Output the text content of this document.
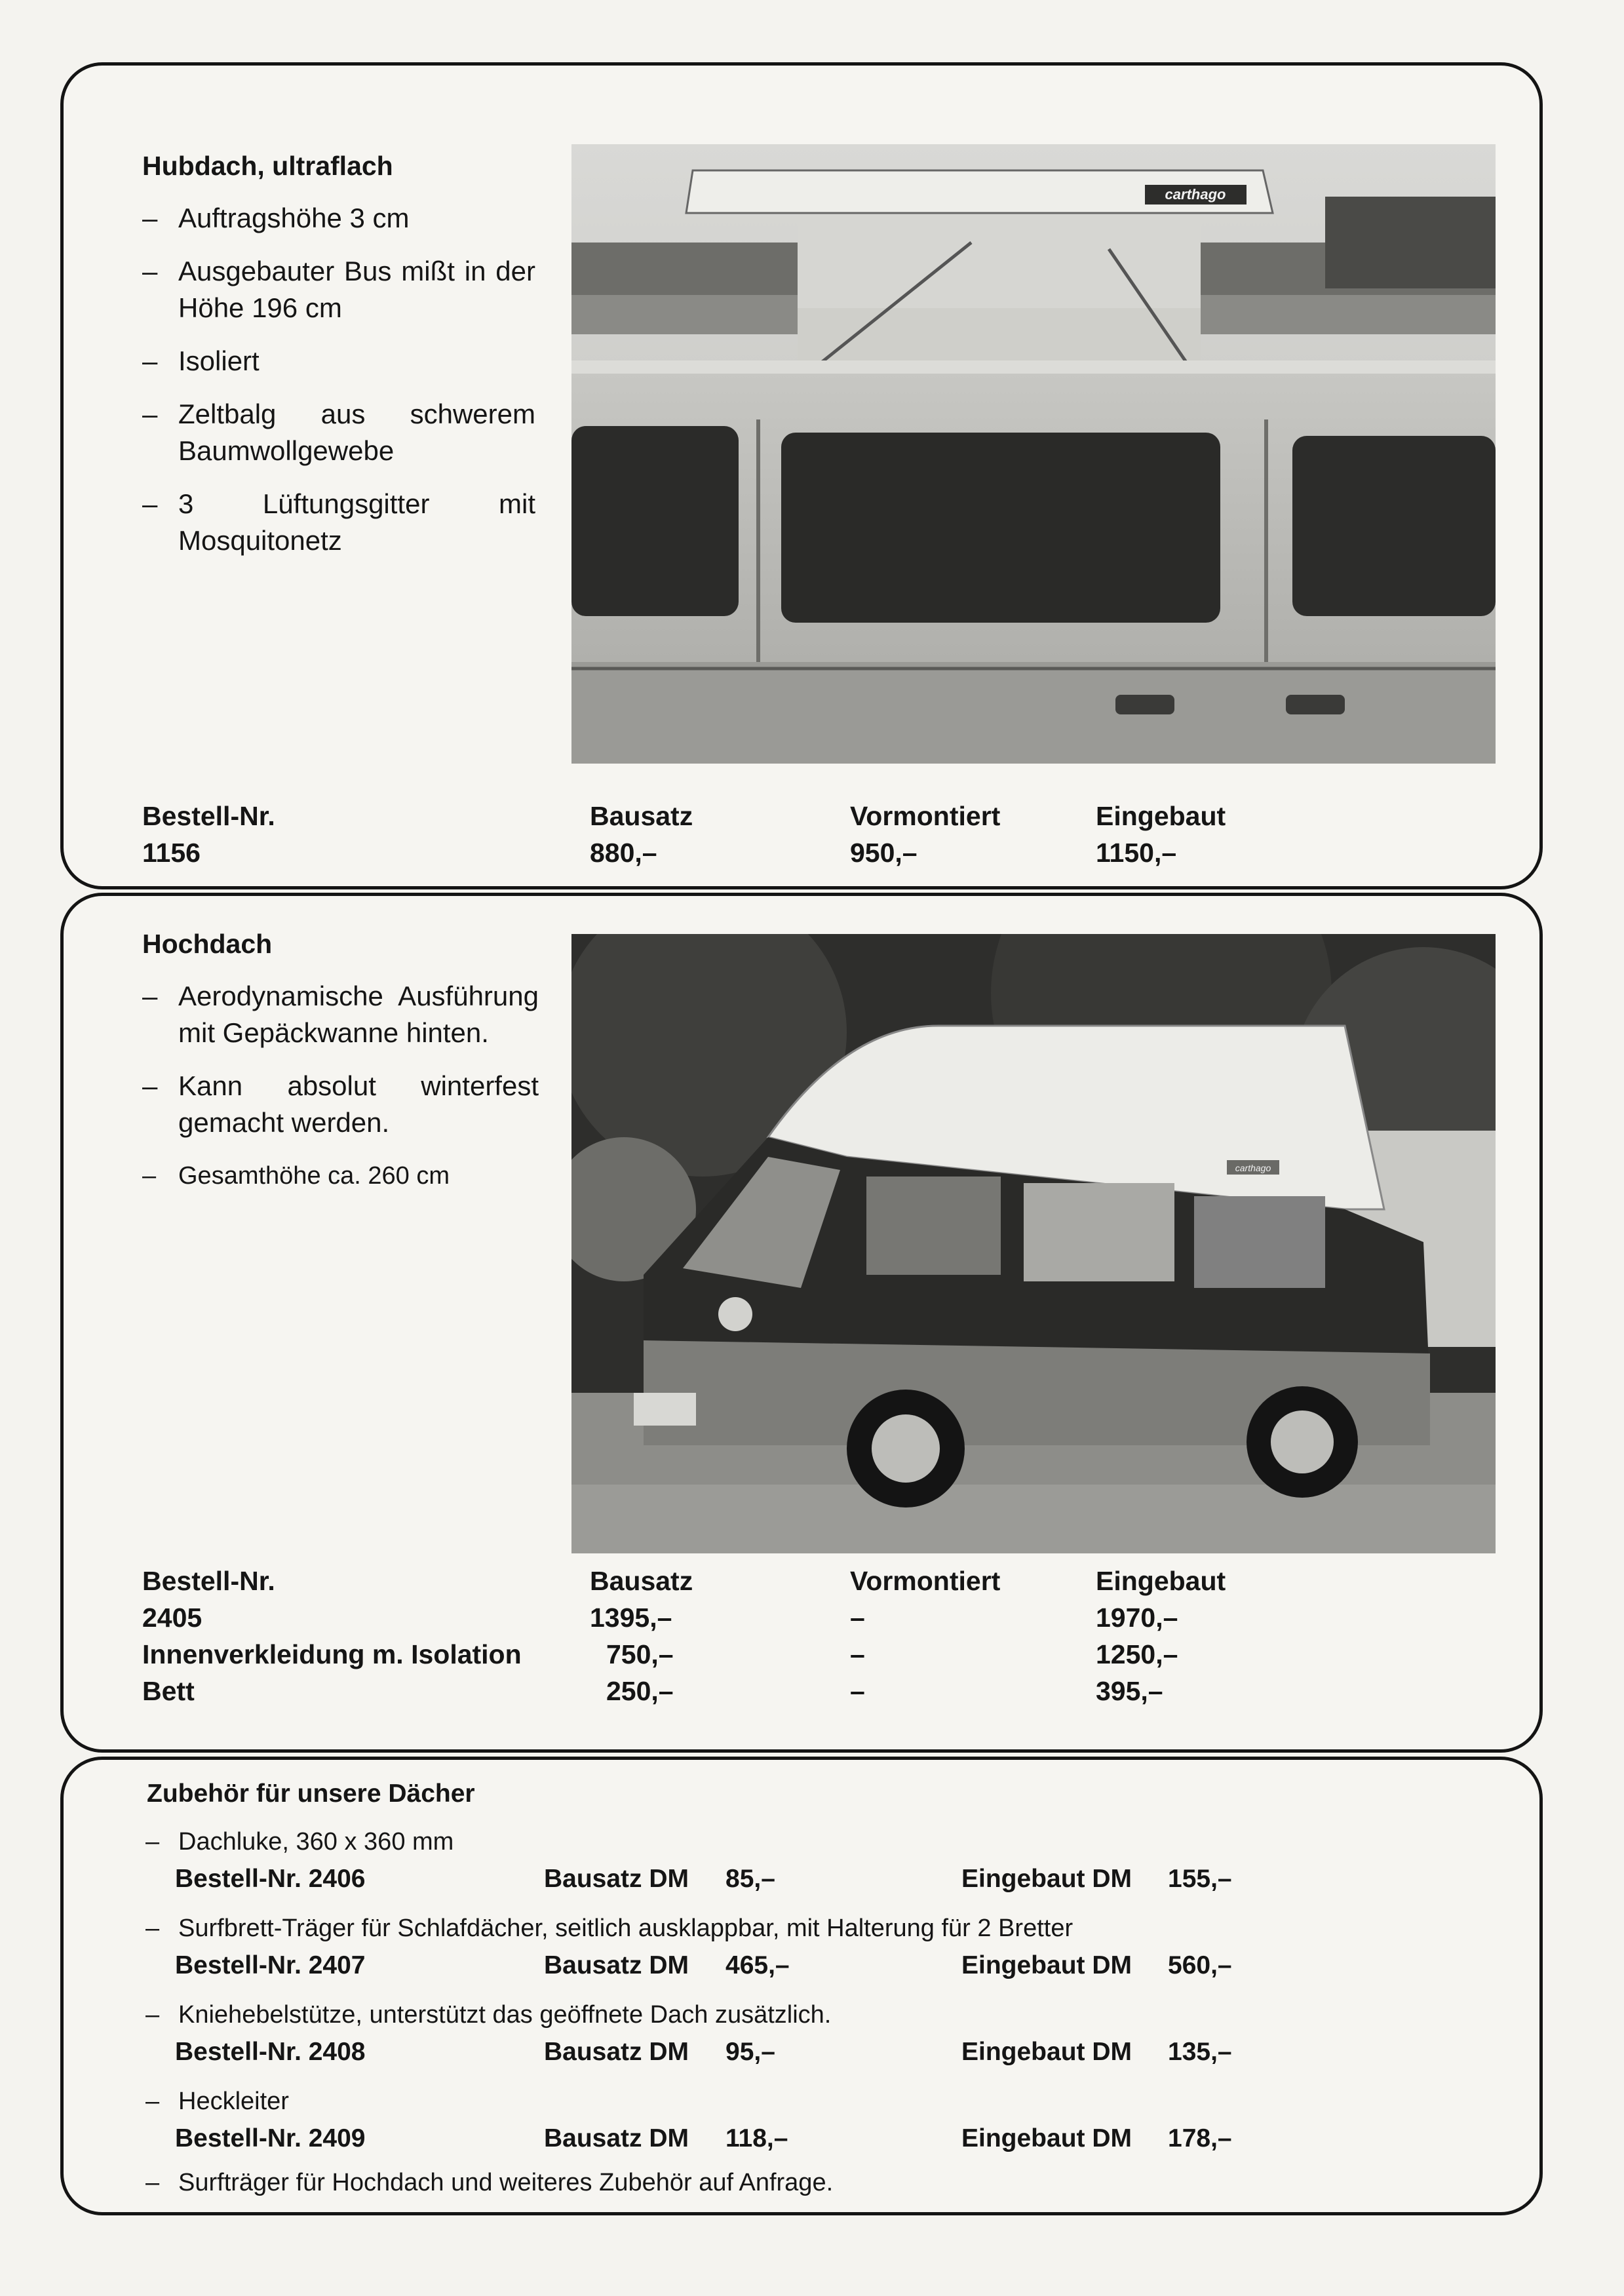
Hubdach, ultraflach
– Auftragshöhe 3 cm
– Ausgebauter Bus mißt in der Höhe 196 cm
– Isoliert
– Zeltbalg aus schwerem Baumwollgewebe
– 3 Lüftungsgitter mit Mosquitonetz
carthago
Bestell-Nr.	Bausatz	Vormontiert	Eingebaut
1156	880,–	950,–	1150,–
Hochdach
– Aerodynamische Ausführung mit Gepäckwanne hinten.
– Kann absolut winterfest gemacht werden.
– Gesamthöhe ca. 260 cm	carthago
Bestell-Nr.	Bausatz	Vormontiert	Eingebaut
2405	1395,–	–	1970,–
Innenverkleidung m. Isolation	750,–	–	1250,–
Bett	250,–	–	395,–
Zubehör für unsere Dächer
– Dachluke, 360 x 360 mm
Bestell-Nr. 2406	Bausatz DM 85,–	Eingebaut DM 155,–
– Surfbrett-Träger für Schlafdächer, seitlich ausklappbar, mit Halterung für 2 Bretter
Bestell-Nr. 2407	Bausatz DM 465,–	Eingebaut DM 560,–
– Kniehebelstütze, unterstützt das geöffnete Dach zusätzlich.
Bestell-Nr. 2408	Bausatz DM 95,–	Eingebaut DM 135,–
– Heckleiter
Bestell-Nr. 2409	Bausatz DM 118,–	Eingebaut DM 178,–
– Surfträger für Hochdach und weiteres Zubehör auf Anfrage.
